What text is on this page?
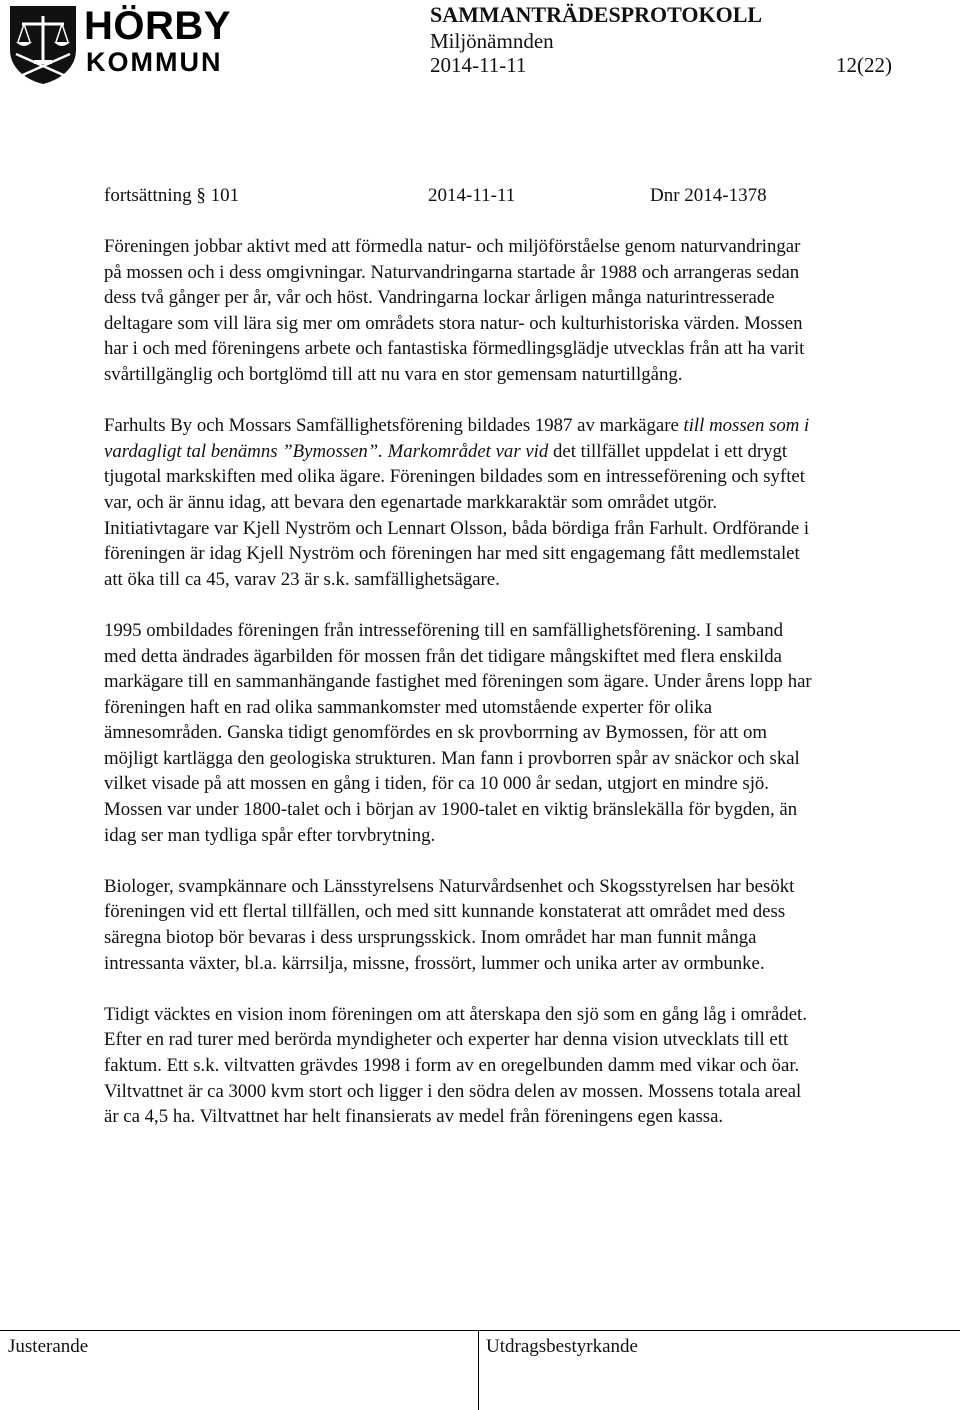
HÖRBY
KOMMUN
SAMMANTRÄDESPROTOKOLL
Miljönämnden
2014-11-11	12(22)
fortsättning § 101	2014-11-11	Dnr 2014-1378

Föreningen jobbar aktivt med att förmedla natur- och miljöförståelse genom naturvandringar på mossen och i dess omgivningar. Naturvandringarna startade år 1988 och arrangeras sedan dess två gånger per år, vår och höst. Vandringarna lockar årligen många naturintresserade deltagare som vill lära sig mer om områdets stora natur- och kulturhistoriska värden. Mossen har i och med föreningens arbete och fantastiska förmedlingsglädje utvecklas från att ha varit svårtillgänglig och bortglömd till att nu vara en stor gemensam naturtillgång.

Farhults By och Mossars Samfällighetsförening bildades 1987 av markägare till mossen som i vardagligt tal benämns ”Bymossen”. Markområdet var vid det tillfället uppdelat i ett drygt tjugotal markskiften med olika ägare. Föreningen bildades som en intresseförening och syftet var, och är ännu idag, att bevara den egenartade markkaraktär som området utgör. Initiativtagare var Kjell Nyström och Lennart Olsson, båda bördiga från Farhult. Ordförande i föreningen är idag Kjell Nyström och föreningen har med sitt engagemang fått medlemstalet att öka till ca 45, varav 23 är s.k. samfällighetsägare.

1995 ombildades föreningen från intresseförening till en samfällighetsförening. I samband med detta ändrades ägarbilden för mossen från det tidigare mångskiftet med flera enskilda markägare till en sammanhängande fastighet med föreningen som ägare. Under årens lopp har föreningen haft en rad olika sammankomster med utomstående experter för olika ämnesområden. Ganska tidigt genomfördes en sk provborrning av Bymossen, för att om möjligt kartlägga den geologiska strukturen. Man fann i provborren spår av snäckor och skal vilket visade på att mossen en gång i tiden, för ca 10 000 år sedan, utgjort en mindre sjö. Mossen var under 1800-talet och i början av 1900-talet en viktig bränslekälla för bygden, än idag ser man tydliga spår efter torvbrytning.

Biologer, svampkännare och Länsstyrelsens Naturvårdsenhet och Skogsstyrelsen har besökt föreningen vid ett flertal tillfällen, och med sitt kunnande konstaterat att området med dess säregna biotop bör bevaras i dess ursprungsskick. Inom området har man funnit många intressanta växter, bl.a. kärrsilja, missne, frossört, lummer och unika arter av ormbunke.

Tidigt väcktes en vision inom föreningen om att återskapa den sjö som en gång låg i området. Efter en rad turer med berörda myndigheter och experter har denna vision utvecklats till ett faktum. Ett s.k. viltvatten grävdes 1998 i form av en oregelbunden damm med vikar och öar. Viltvattnet är ca 3000 kvm stort och ligger i den södra delen av mossen. Mossens totala areal är ca 4,5 ha. Viltvattnet har helt finansierats av medel från föreningens egen kassa.

Justerande	Utdragsbestyrkande
